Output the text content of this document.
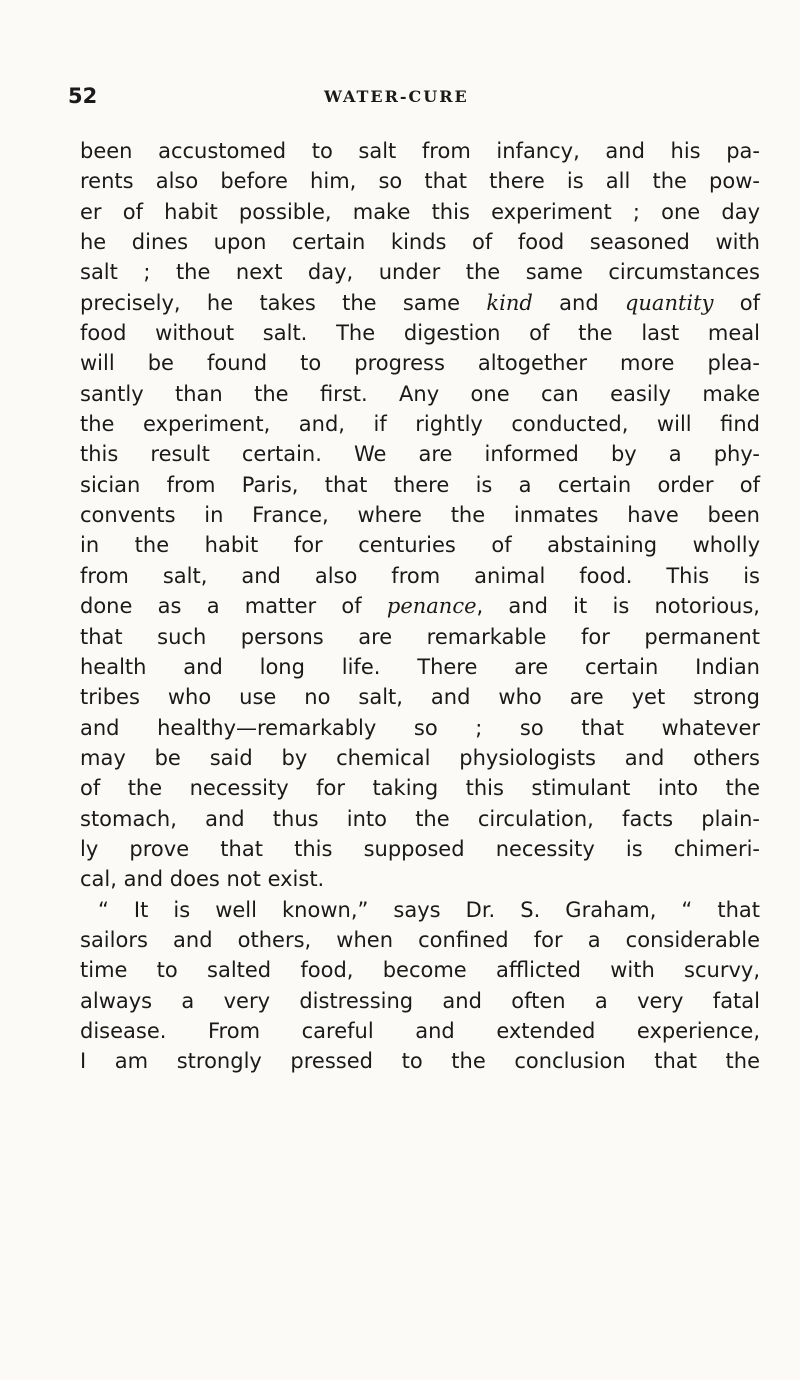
52	WATER-CURE
been accustomed to salt from infancy, and his pa-
rents also before him, so that there is all the pow-
er of habit possible, make this experiment ; one day
he dines upon certain kinds of food seasoned with
salt ; the next day, under the same circumstances
precisely, he takes the same kind and quantity of
food without salt. The digestion of the last meal
will be found to progress altogether more plea-
santly than the first. Any one can easily make
the experiment, and, if rightly conducted, will find
this result certain. We are informed by a phy-
sician from Paris, that there is a certain order of
convents in France, where the inmates have been
in the habit for centuries of abstaining wholly
from salt, and also from animal food. This is
done as a matter of penance, and it is notorious,
that such persons are remarkable for permanent
health and long life. There are certain Indian
tribes who use no salt, and who are yet strong
and healthy—remarkably so ; so that whatever
may be said by chemical physiologists and others
of the necessity for taking this stimulant into the
stomach, and thus into the circulation, facts plain-
ly prove that this supposed necessity is chimeri-
cal, and does not exist.
“ It is well known,” says Dr. S. Graham, “ that
sailors and others, when confined for a considerable
time to salted food, become afflicted with scurvy,
always a very distressing and often a very fatal
disease. From careful and extended experience,
I am strongly pressed to the conclusion that the
